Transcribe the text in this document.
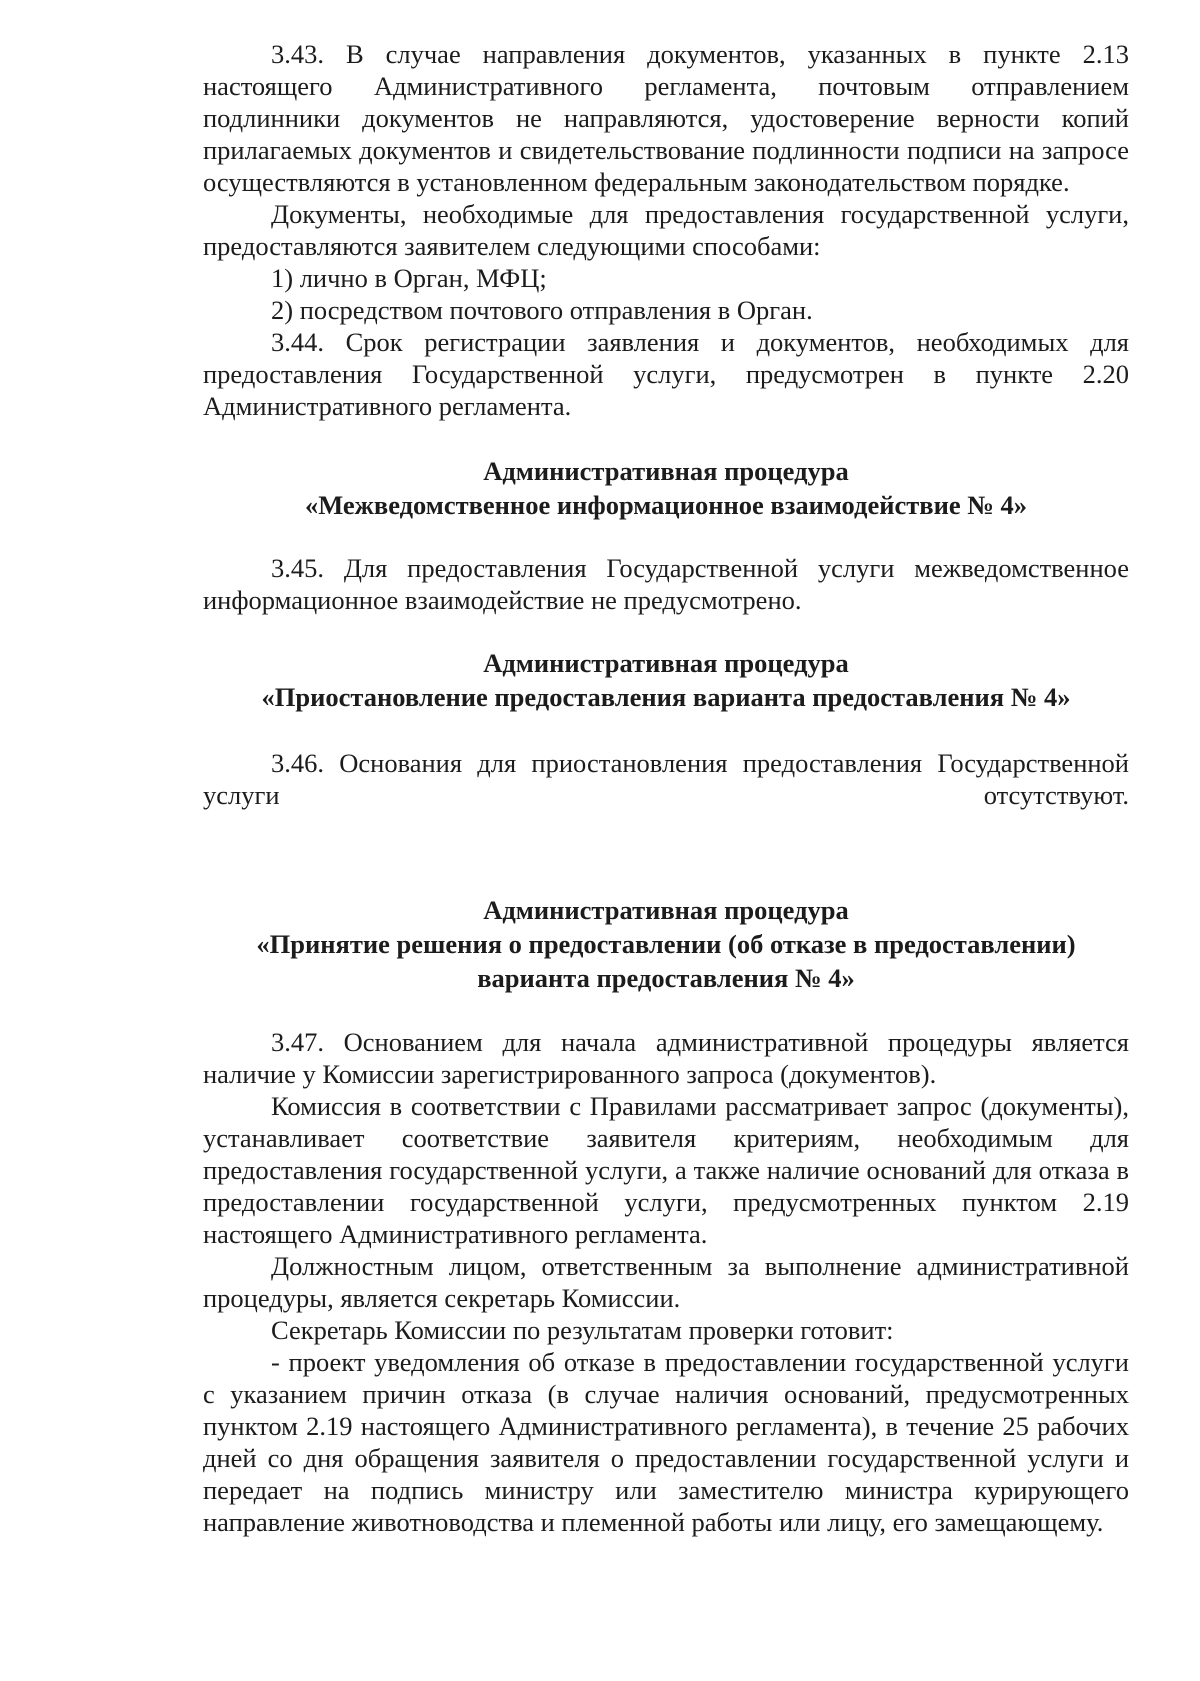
3.43. В случае направления документов, указанных в пункте 2.13 настоящего Административного регламента, почтовым отправлением подлинники документов не направляются, удостоверение верности копий прилагаемых документов и свидетельствование подлинности подписи на запросе осуществляются в установленном федеральным законодательством порядке.

Документы, необходимые для предоставления государственной услуги, предоставляются заявителем следующими способами:

1) лично в Орган, МФЦ;

2) посредством почтового отправления в Орган.

3.44. Срок регистрации заявления и документов, необходимых для предоставления Государственной услуги, предусмотрен в пункте 2.20 Административного регламента.

Административная процедура
«Межведомственное информационное взаимодействие № 4»

3.45. Для предоставления Государственной услуги межведомственное информационное взаимодействие не предусмотрено.

Административная процедура
«Приостановление предоставления варианта предоставления № 4»

3.46. Основания для приостановления предоставления Государственной услуги отсутствуют.

Административная процедура
«Принятие решения о предоставлении (об отказе в предоставлении)
варианта предоставления № 4»

3.47. Основанием для начала административной процедуры является наличие у Комиссии зарегистрированного запроса (документов).

Комиссия в соответствии с Правилами рассматривает запрос (документы), устанавливает соответствие заявителя критериям, необходимым для предоставления государственной услуги, а также наличие оснований для отказа в предоставлении государственной услуги, предусмотренных пунктом 2.19 настоящего Административного регламента.

Должностным лицом, ответственным за выполнение административной процедуры, является секретарь Комиссии.

Секретарь Комиссии по результатам проверки готовит:

- проект уведомления об отказе в предоставлении государственной услуги с указанием причин отказа (в случае наличия оснований, предусмотренных пунктом 2.19 настоящего Административного регламента), в течение 25 рабочих дней со дня обращения заявителя о предоставлении государственной услуги и передает на подпись министру или заместителю министра курирующего направление животноводства и племенной работы или лицу, его замещающему.
